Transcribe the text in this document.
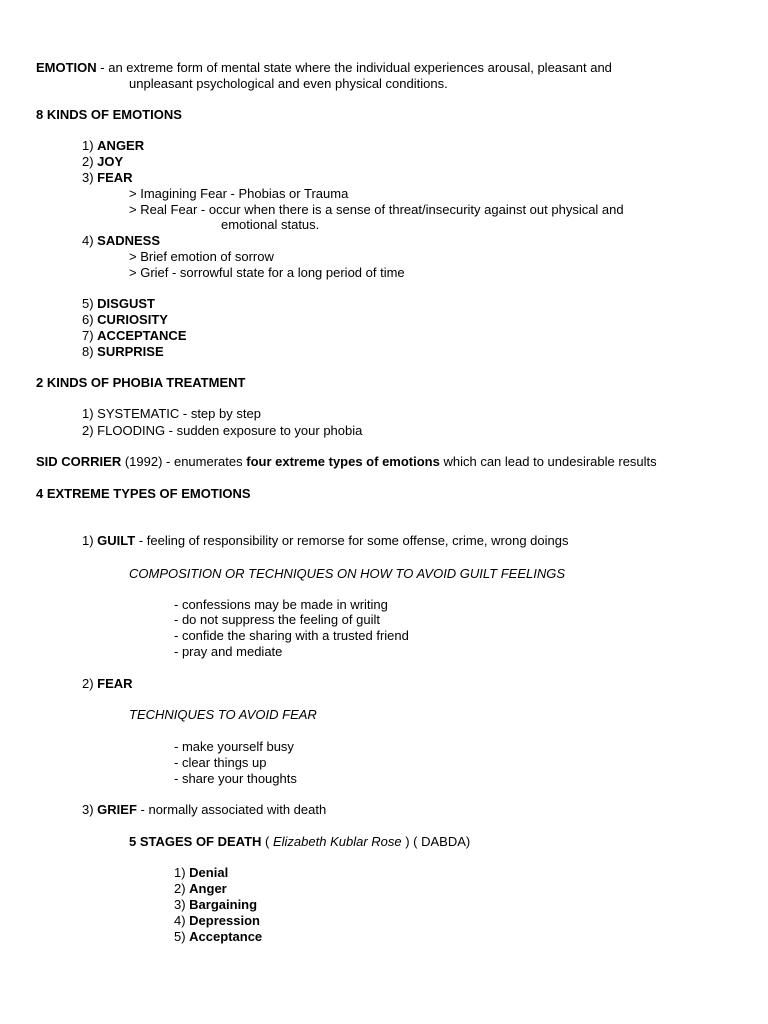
EMOTION - an extreme form of mental state where the individual experiences arousal, pleasant and

unpleasant psychological and even physical conditions.

8 KINDS OF EMOTIONS

1) ANGER

2) JOY

3) FEAR

> Imagining Fear - Phobias or Trauma

> Real Fear - occur when there is a sense of threat/insecurity against out physical and

emotional status.

4) SADNESS

> Brief emotion of sorrow

> Grief - sorrowful state for a long period of time

5) DISGUST

6) CURIOSITY

7) ACCEPTANCE

8) SURPRISE

2 KINDS OF PHOBIA TREATMENT

1) SYSTEMATIC - step by step

2) FLOODING - sudden exposure to your phobia

SID CORRIER (1992) - enumerates four extreme types of emotions which can lead to undesirable results

4 EXTREME TYPES OF EMOTIONS

1) GUILT - feeling of responsibility or remorse for some offense, crime, wrong doings

COMPOSITION OR TECHNIQUES ON HOW TO AVOID GUILT FEELINGS

- confessions may be made in writing

- do not suppress the feeling of guilt

- confide the sharing with a trusted friend

- pray and mediate

2) FEAR

TECHNIQUES TO AVOID FEAR

- make yourself busy

- clear things up

- share your thoughts

3) GRIEF - normally associated with death

5 STAGES OF DEATH ( Elizabeth Kublar Rose ) ( DABDA)

1) Denial

2) Anger

3) Bargaining

4) Depression

5) Acceptance
